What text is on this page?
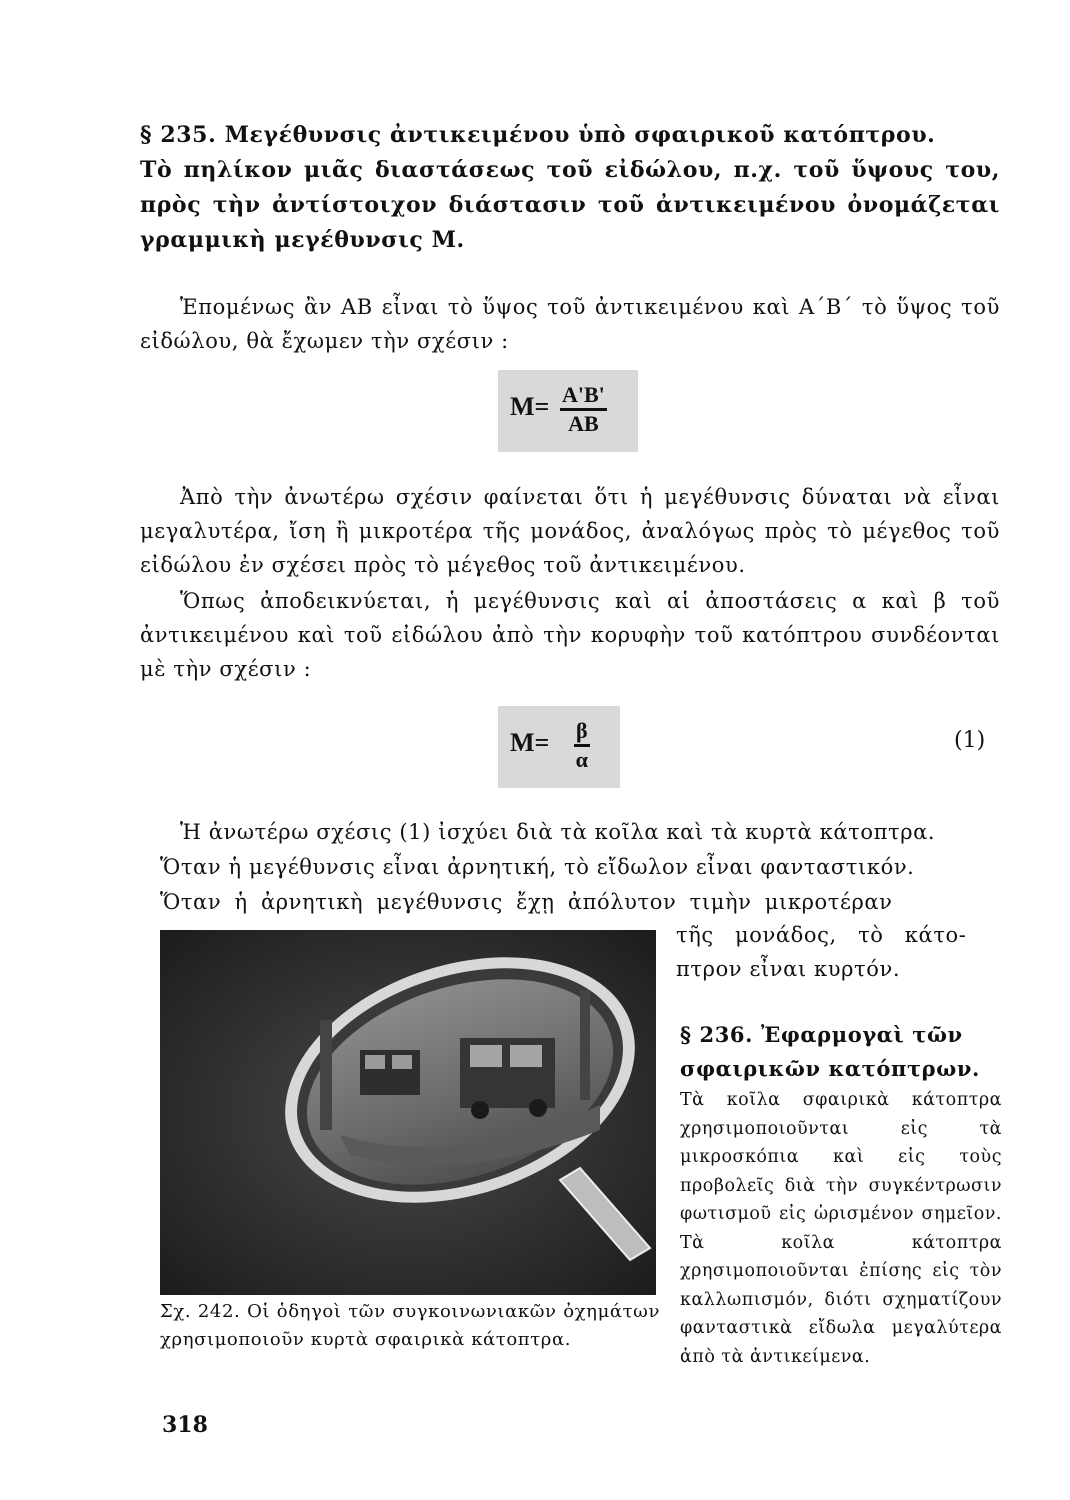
§ 235. Μεγέθυνσις ἀντικειμένου ὑπὸ σφαιρικοῦ κατόπτρου.
Τὸ πηλίκον μιᾶς διαστάσεως τοῦ εἰδώλου, π.χ. τοῦ ὕψους του, πρὸς τὴν ἀντίστοιχον διάστασιν τοῦ ἀντικειμένου ὀνομάζεται γραμμικὴ μεγέθυνσις Μ.
Ἑπομένως ἂν ΑΒ εἶναι τὸ ὕψος τοῦ ἀντικειμένου καὶ Α΄Β΄ τὸ ὕψος τοῦ εἰδώλου, θὰ ἔχωμεν τὴν σχέσιν :
$M= \frac{A'B'}{AB}$
Ἀπὸ τὴν ἀνωτέρω σχέσιν φαίνεται ὅτι ἡ μεγέθυνσις δύναται νὰ εἶναι μεγαλυτέρα, ἴση ἢ μικροτέρα τῆς μονάδος, ἀναλόγως πρὸς τὸ μέγεθος τοῦ εἰδώλου ἐν σχέσει πρὸς τὸ μέγεθος τοῦ ἀντικειμένου.
Ὅπως ἀποδεικνύεται, ἡ μεγέθυνσις καὶ αἱ ἀποστάσεις α καὶ β τοῦ ἀντικειμένου καὶ τοῦ εἰδώλου ἀπὸ τὴν κορυφὴν τοῦ κατόπτρου συνδέονται μὲ τὴν σχέσιν :
$M= \frac{\beta}{\alpha}$	(1)
Ἡ ἀνωτέρω σχέσις (1) ἰσχύει διὰ τὰ κοῖλα καὶ τὰ κυρτὰ κάτοπτρα.
Ὅταν ἡ μεγέθυνσις εἶναι ἀρνητική, τὸ εἴδωλον εἶναι φανταστικόν.
Ὅταν ἡ ἀρνητικὴ μεγέθυνσις ἔχῃ ἀπόλυτον τιμὴν μικροτέραν
τῆς μονάδος, τὸ κάτο-
πτρον εἶναι κυρτόν.
Σχ. 242. Οἱ ὁδηγοὶ τῶν συγκοινωνιακῶν ὀχημάτων χρησιμοποιοῦν κυρτὰ σφαιρικὰ κάτοπτρα.
§ 236. Ἐφαρμογαὶ τῶν σφαιρικῶν κατόπτρων.
Τὰ κοῖλα σφαιρικὰ κάτοπτρα χρησιμοποιοῦνται εἰς τὰ μικροσκόπια καὶ εἰς τοὺς προβολεῖς διὰ τὴν συγκέντρωσιν φωτισμοῦ εἰς ὡρισμένον σημεῖον. Τὰ κοῖλα κάτοπτρα χρησιμοποιοῦνται ἐπίσης εἰς τὸν καλλωπισμόν, διότι σχηματίζουν φανταστικὰ εἴδωλα μεγαλύτερα ἀπὸ τὰ ἀντικείμενα.
318
